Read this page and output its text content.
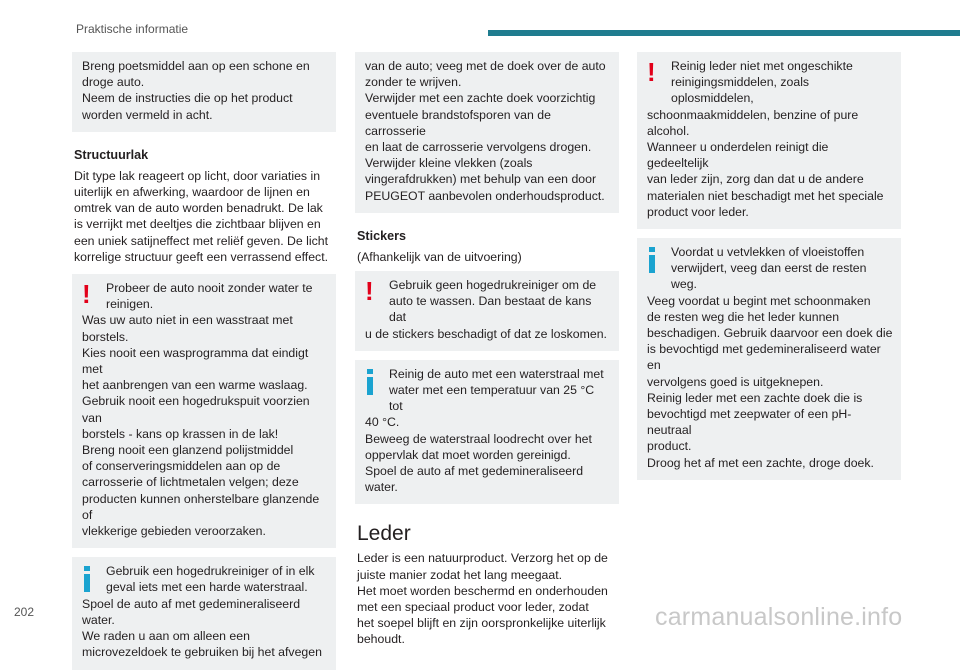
Praktische informatie
Breng poetsmiddel aan op een schone en
droge auto.
Neem de instructies die op het product
worden vermeld in acht.
Structuurlak
Dit type lak reageert op licht, door variaties in
uiterlijk en afwerking, waardoor de lijnen en
omtrek van de auto worden benadrukt. De lak
is verrijkt met deeltjes die zichtbaar blijven en
een uniek satijneffect met reliëf geven. De licht
korrelige structuur geeft een verrassend effect.
!	Probeer de auto nooit zonder water te
reinigen.
Was uw auto niet in een wasstraat met
borstels.
Kies nooit een wasprogramma dat eindigt met
het aanbrengen van een warme waslaag.
Gebruik nooit een hogedrukspuit voorzien van
borstels - kans op krassen in de lak!
Breng nooit een glanzend polijstmiddel
of conserveringsmiddelen aan op de
carrosserie of lichtmetalen velgen; deze
producten kunnen onherstelbare glanzende of
vlekkerige gebieden veroorzaken.
Gebruik een hogedrukreiniger of in elk
geval iets met een harde waterstraal.
Spoel de auto af met gedemineraliseerd
water.
We raden u aan om alleen een
microvezeldoek te gebruiken bij het afvegen
van de auto; veeg met de doek over de auto
zonder te wrijven.
Verwijder met een zachte doek voorzichtig
eventuele brandstofsporen van de carrosserie
en laat de carrosserie vervolgens drogen.
Verwijder kleine vlekken (zoals
vingerafdrukken) met behulp van een door
PEUGEOT aanbevolen onderhoudsproduct.
Stickers
(Afhankelijk van de uitvoering)
!	Gebruik geen hogedrukreiniger om de
auto te wassen. Dan bestaat de kans dat
u de stickers beschadigt of dat ze loskomen.
Reinig de auto met een waterstraal met
water met een temperatuur van 25 °C tot
40 °C.
Beweeg de waterstraal loodrecht over het
oppervlak dat moet worden gereinigd.
Spoel de auto af met gedemineraliseerd
water.
Leder
Leder is een natuurproduct. Verzorg het op de
juiste manier zodat het lang meegaat.
Het moet worden beschermd en onderhouden
met een speciaal product voor leder, zodat
het soepel blijft en zijn oorspronkelijke uiterlijk
behoudt.
!	Reinig leder niet met ongeschikte
reinigingsmiddelen, zoals oplosmiddelen,
schoonmaakmiddelen, benzine of pure
alcohol.
Wanneer u onderdelen reinigt die gedeeltelijk
van leder zijn, zorg dan dat u de andere
materialen niet beschadigt met het speciale
product voor leder.
Voordat u vetvlekken of vloeistoffen
verwijdert, veeg dan eerst de resten weg.
Veeg voordat u begint met schoonmaken
de resten weg die het leder kunnen
beschadigen. Gebruik daarvoor een doek die
is bevochtigd met gedemineraliseerd water en
vervolgens goed is uitgeknepen.
Reinig leder met een zachte doek die is
bevochtigd met zeepwater of een pH-neutraal
product.
Droog het af met een zachte, droge doek.
202	carmanualsonline.info
